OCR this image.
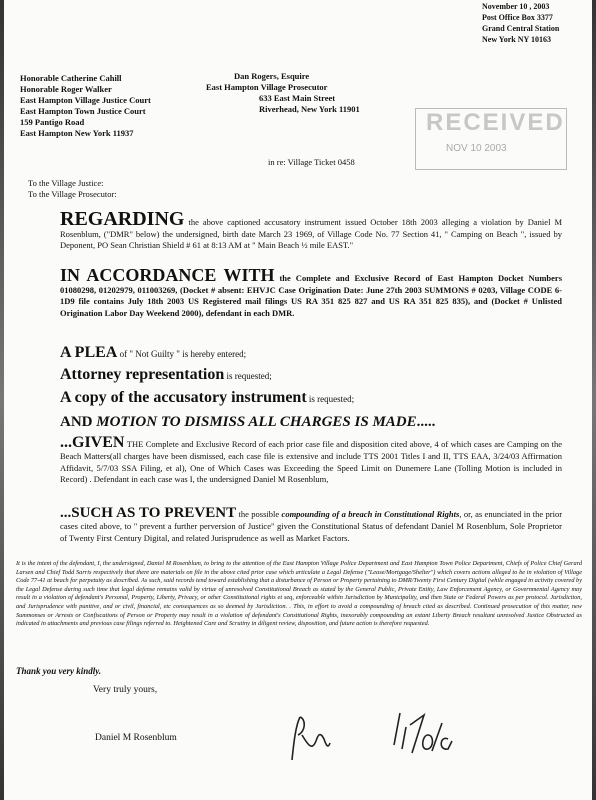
November 10 , 2003
Post Office Box 3377
Grand Central Station
New York NY 10163
Honorable Catherine Cahill
Honorable Roger Walker
East Hampton Village Justice Court
East Hampton Town Justice Court
159 Pantigo Road
East Hampton New York 11937
Dan Rogers, Esquire
East Hampton Village Prosecutor
633 East Main Street
Riverhead, New York 11901	RECEIVED
NOV 10 2003
in re: Village Ticket 0458
To the Village Justice:
To the Village Prosecutor:
REGARDING the above captioned accusatory instrument issued October 18th 2003 alleging a violation by Daniel M Rosenblum, ("DMR" below) the undersigned, birth date March 23 1969, of Village Code No. 77 Section 41, " Camping on Beach ", issued by Deponent, PO Sean Christian Shield # 61 at 8:13 AM at " Main Beach ½ mile EAST."
IN ACCORDANCE WITH the Complete and Exclusive Record of East Hampton Docket Numbers 01080298, 01202979, 011003269, (Docket # absent: EHVJC Case Origination Date: June 27th 2003 SUMMONS # 0203, Village CODE 6-1D9 file contains July 18th 2003 US Registered mail filings US RA 351 825 827 and US RA 351 825 835), and (Docket # Unlisted Origination Labor Day Weekend 2000), defendant in each DMR.
A PLEA of " Not Guilty " is hereby entered;
Attorney representation is requested;
A copy of the accusatory instrument is requested;
AND MOTION TO DISMISS ALL CHARGES IS MADE.....
...GIVEN THE Complete and Exclusive Record of each prior case file and disposition cited above, 4 of which cases are Camping on the Beach Matters(all charges have been dismissed, each case file is extensive and include TTS 2001 Titles I and II, TTS EAA, 3/24/03 Affirmation Affidavit, 5/7/03 SSA Filing, et al), One of Which Cases was Exceeding the Speed Limit on Dunemere Lane (Tolling Motion is included in Record) . Defendant in each case was I, the undersigned Daniel M Rosenblum,
...SUCH AS TO PREVENT the possible compounding of a breach in Constitutional Rights, or, as enunciated in the prior cases cited above, to " prevent a further perversion of Justice" given the Constitutional Status of defendant Daniel M Rosenblum, Sole Proprietor of Twenty First Century Digital, and related Jurisprudence as well as Market Factors.
It is the intent of the defendant, I, the undersigned, Daniel M Rosenblum, to bring to the attention of the East Hampton Village Police Department and East Hampton Town Police Department, Chiefs of Police Chief Gerard Larsen and Chief Todd Sarris respectively that there are materials on file in the above cited prior case which articulate a Legal Defense ("Lease/Mortgage/Shelter") which covers actions alleged to be in violation of Village Code 77-41 at beach for perpetuity as described. As such, said records tend toward establishing that a disturbance of Person or Property pertaining to DMR/Twenty First Century Digital (while engaged in activity covered by the Legal Defense during such time that legal defense remains valid by virtue of unresolved Constitutional Breach as stated by the General Public, Private Entity, Law Enforcement Agency, or Governmental Agency may result in a violation of defendant's Personal, Property, Liberty, Privacy, or other Constitutional rights et seq, enforceable within Jurisdiction by Municipality, and then State or Federal Powers as per protocol. Jurisdiction, and Jurisprudence with punitive, and or civil, financial, etc consequences as so deemed by Jurisdiction. . This, in effort to avoid a compounding of breach cited as described. Continued prosecution of this matter, new Summonses or Arrests or Confiscations of Person or Property may result in a violation of defendant's Constitutional Rights, inexorably compounding an extant Liberty Breach resultant unresolved Justice Obstructed as indicated in attachments and previous case filings referred to. Heightened Care and Scrutiny in diligent review, disposition, and future action is therefore requested.
Thank you very kindly.
Very truly yours,
Daniel M Rosenblum
